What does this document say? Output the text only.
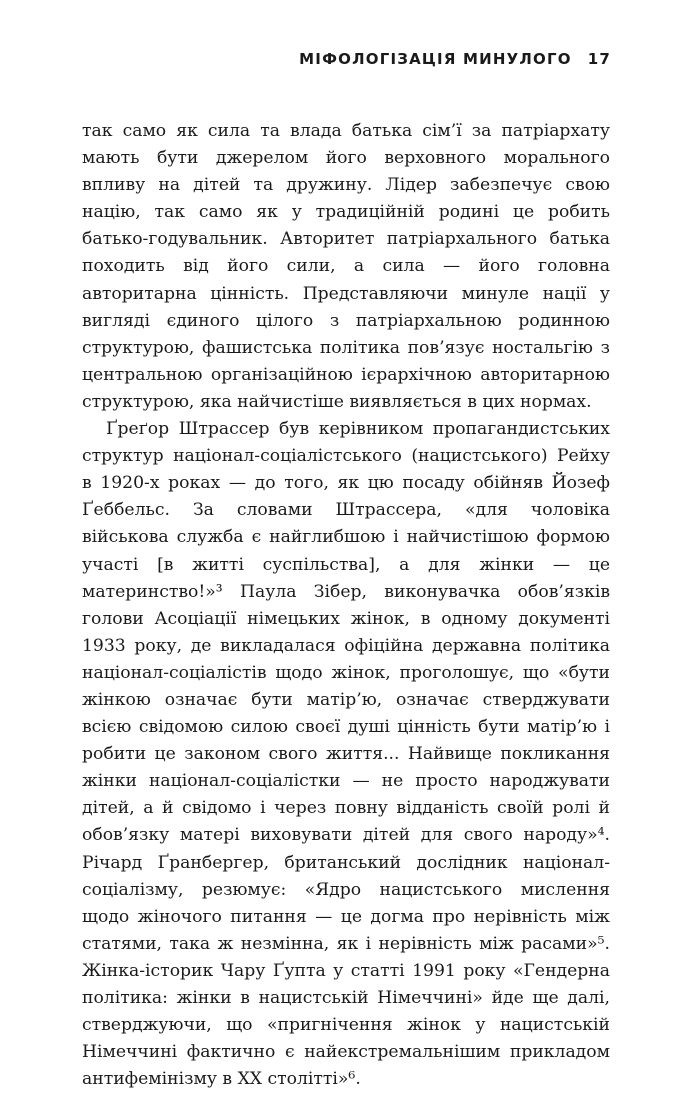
МІФОЛОГІЗАЦІЯ МИНУЛОГО 17

так само як сила та влада батька сім’ї за патріархату мають бути джерелом його верховного морального впливу на дітей та дружину. Лідер забезпечує свою націю, так само як у традиційній родині це робить батько-годувальник. Авторитет патріархального батька походить від його сили, а сила — його головна авторитарна цінність. Представляючи минуле нації у вигляді єдиного цілого з патріархальною родинною структурою, фашистська політика пов’язує ностальгію з центральною організаційною ієрархічною авторитарною структурою, яка найчистіше виявляється в цих нормах.

Ґреґор Штрассер був керівником пропагандистських структур націонал-соціалістського (нацистського) Рейху в 1920-х роках — до того, як цю посаду обійняв Йозеф Ґеббельс. За словами Штрассера, «для чоловіка військова служба є найглибшою і найчистішою формою участі [в житті суспільства], а для жінки — це материнство!»³ Паула Зібер, виконувачка обов’язків голови Асоціації німецьких жінок, в одному документі 1933 року, де викладалася офіційна державна політика націонал-соціалістів щодо жінок, проголошує, що «бути жінкою означає бути матір’ю, означає стверджувати всією свідомою силою своєї душі цінність бути матір’ю і робити це законом свого життя... Найвище покликання жінки націонал-соціалістки — не просто народжувати дітей, а й свідомо і через повну відданість своїй ролі й обов’язку матері виховувати дітей для свого народу»⁴. Річард Ґранбергер, британський дослідник націонал-соціалізму, резюмує: «Ядро нацистського мислення щодо жіночого питання — це догма про нерівність між статями, така ж незмінна, як і нерівність між расами»⁵. Жінка-історик Чару Ґупта у статті 1991 року «Гендерна політика: жінки в нацистській Німеччині» йде ще далі, стверджуючи, що «пригнічення жінок у нацистській Німеччині фактично є найекстремальнішим прикладом антифемінізму в XX столітті»⁶.
